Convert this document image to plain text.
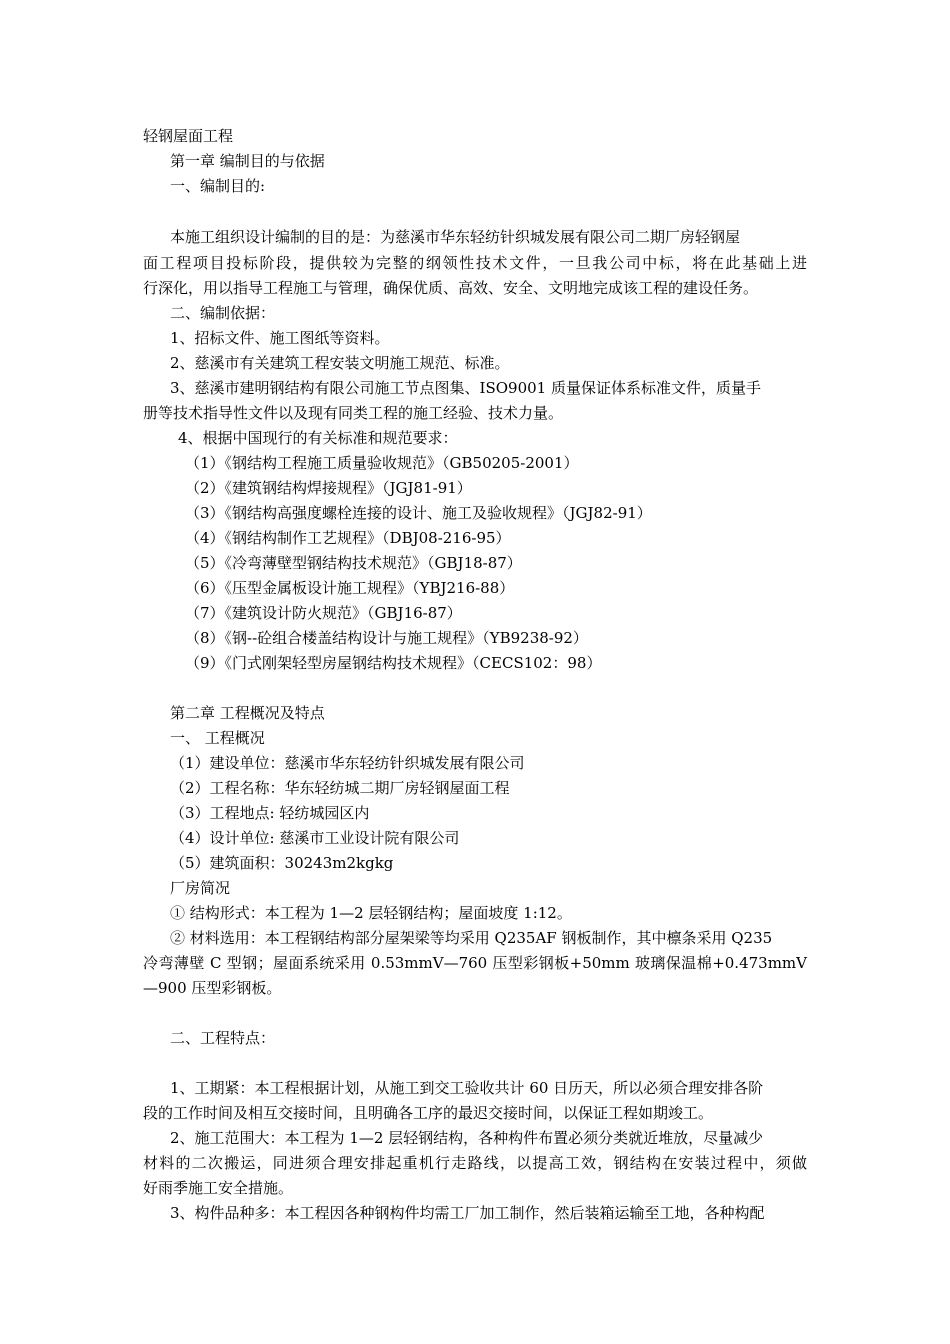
轻钢屋面工程
第一章 编制目的与依据
一、编制目的:
本施工组织设计编制的目的是：为慈溪市华东轻纺针织城发展有限公司二期厂房轻钢屋
面工程项目投标阶段，提供较为完整的纲领性技术文件，一旦我公司中标，将在此基础上进
行深化，用以指导工程施工与管理，确保优质、高效、安全、文明地完成该工程的建设任务。
二、编制依据：
1、招标文件、施工图纸等资料。
2、慈溪市有关建筑工程安装文明施工规范、标准。
3、慈溪市建明钢结构有限公司施工节点图集、ISO9001 质量保证体系标准文件，质量手
册等技术指导性文件以及现有同类工程的施工经验、技术力量。
4、根据中国现行的有关标准和规范要求：
（1）《钢结构工程施工质量验收规范》（GB50205-2001）
（2）《建筑钢结构焊接规程》（JGJ81-91）
（3）《钢结构高强度螺栓连接的设计、施工及验收规程》（JGJ82-91）
（4）《钢结构制作工艺规程》（DBJ08-216-95）
（5）《冷弯薄壁型钢结构技术规范》（GBJ18-87）
（6）《压型金属板设计施工规程》（YBJ216-88）
（7）《建筑设计防火规范》（GBJ16-87）
（8）《钢--砼组合楼盖结构设计与施工规程》（YB9238-92）
（9）《门式刚架轻型房屋钢结构技术规程》（CECS102：98）
第二章 工程概况及特点
一、 工程概况
（1）建设单位：慈溪市华东轻纺针织城发展有限公司
（2）工程名称：华东轻纺城二期厂房轻钢屋面工程
（3）工程地点: 轻纺城园区内
（4）设计单位: 慈溪市工业设计院有限公司
（5）建筑面积：30243m2kgkg
厂房简况
① 结构形式：本工程为 1—2 层轻钢结构；屋面坡度 1:12。
② 材料选用：本工程钢结构部分屋架梁等均采用 Q235AF 钢板制作，其中檩条采用 Q235
冷弯薄壁 C 型钢；屋面系统采用 0.53mmV—760 压型彩钢板+50mm 玻璃保温棉+0.473mmV
—900 压型彩钢板。
二、工程特点：
1、工期紧：本工程根据计划，从施工到交工验收共计 60 日历天，所以必须合理安排各阶
段的工作时间及相互交接时间，且明确各工序的最迟交接时间，以保证工程如期竣工。
2、施工范围大：本工程为 1—2 层轻钢结构，各种构件布置必须分类就近堆放，尽量减少
材料的二次搬运，同进须合理安排起重机行走路线，以提高工效，钢结构在安装过程中，须做
好雨季施工安全措施。
3、构件品种多：本工程因各种钢构件均需工厂加工制作，然后装箱运输至工地，各种构配
